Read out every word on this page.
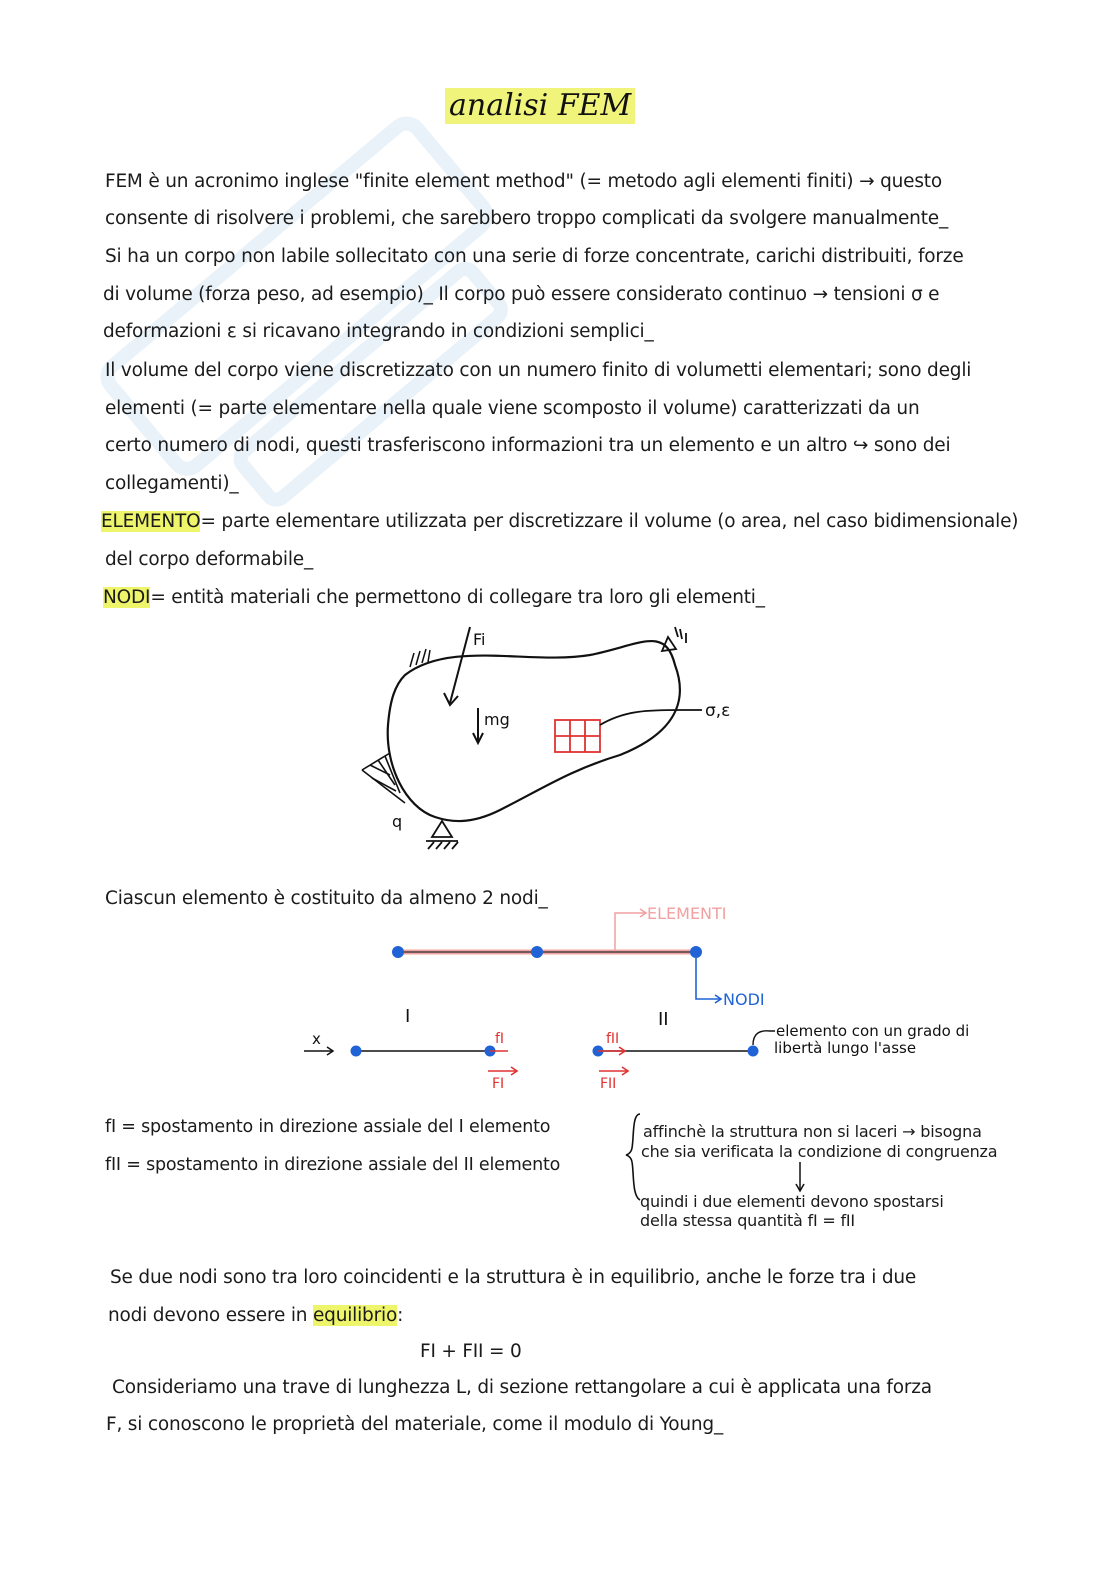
analisi FEM
FEM è un acronimo inglese "finite element method" (= metodo agli elementi finiti) → questo
consente di risolvere i problemi, che sarebbero troppo complicati da svolgere manualmente_
Si ha un corpo non labile sollecitato con una serie di forze concentrate, carichi distribuiti, forze
di volume (forza peso, ad esempio)_ Il corpo può essere considerato continuo → tensioni σ e
deformazioni ε si ricavano integrando in condizioni semplici_
Il volume del corpo viene discretizzato con un numero finito di volumetti elementari; sono degli
elementi (= parte elementare nella quale viene scomposto il volume) caratterizzati da un
certo numero di nodi, questi trasferiscono informazioni tra un elemento e un altro ↪ sono dei
collegamenti)_
ELEMENTO= parte elementare utilizzata per discretizzare il volume (o area, nel caso bidimensionale)
del corpo deformabile_
NODI= entità materiali che permettono di collegare tra loro gli elementi_
Fi
mg	σ,ε
q
Ciascun elemento è costituito da almeno 2 nodi_
ELEMENTI
NODI
I	II
x	fI
FI
fII
FII
elemento con un grado di
libertà lungo l'asse
fI = spostamento in direzione assiale del I elemento
fII = spostamento in direzione assiale del II elemento
affinchè la struttura non si laceri → bisogna
che sia verificata la condizione di congruenza
quindi i due elementi devono spostarsi
della stessa quantità fI = fII
Se due nodi sono tra loro coincidenti e la struttura è in equilibrio, anche le forze tra i due
nodi devono essere in equilibrio:
FI + FII = 0
Consideriamo una trave di lunghezza L, di sezione rettangolare a cui è applicata una forza
F, si conoscono le proprietà del materiale, come il modulo di Young_
